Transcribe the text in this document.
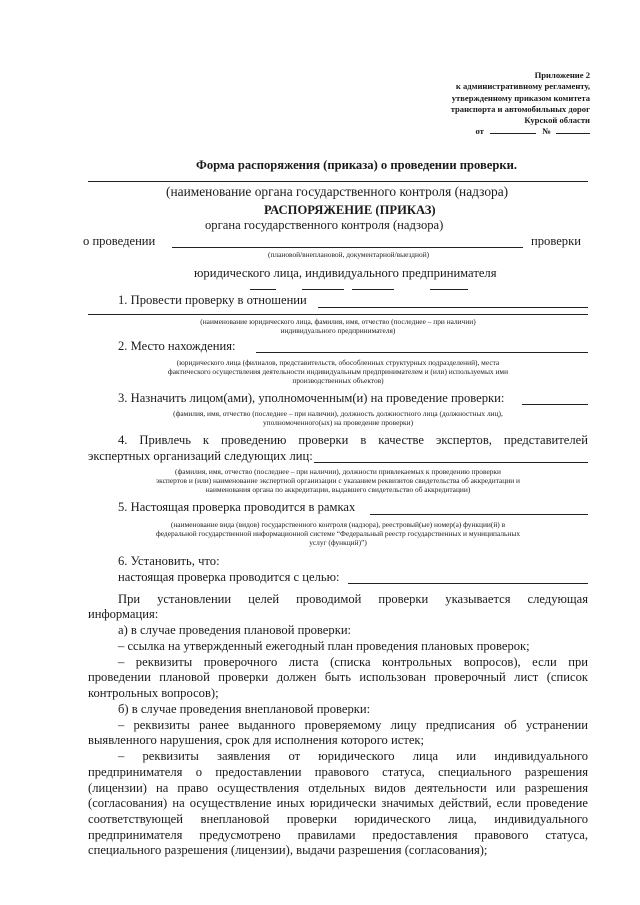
Приложение 2
к административному регламенту,
утвержденному приказом комитета
транспорта и автомобильных дорог
Курской области
от	№
Форма распоряжения (приказа) о проведении проверки.
(наименование органа государственного контроля (надзора)
РАСПОРЯЖЕНИЕ (ПРИКАЗ)
органа государственного контроля (надзора)
о проведении	проверки
(плановой/внеплановой, документарной/выездной)
юридического лица, индивидуального предпринимателя
1. Провести проверку в отношении
(наименование юридического лица, фамилия, имя, отчество (последнее – при наличии)
индивидуального предпринимателя)
2. Место нахождения:
(юридического лица (филиалов, представительств, обособленных структурных подразделений), места
фактического осуществления деятельности индивидуальным предпринимателем и (или) используемых ими
производственных объектов)
3. Назначить лицом(ами), уполномоченным(и) на проведение проверки:
(фамилия, имя, отчество (последнее – при наличии), должность должностного лица (должностных лиц),
уполномоченного(ых) на проведение проверки)
4. Привлечь к проведению проверки в качестве экспертов, представителей
экспертных организаций следующих лиц:
(фамилия, имя, отчество (последнее – при наличии), должности привлекаемых к проведению проверки
экспертов и (или) наименование экспертной организации с указанием реквизитов свидетельства об аккредитации и
наименования органа по аккредитации, выдавшего свидетельство об аккредитации)
5. Настоящая проверка проводится в рамках
(наименование вида (видов) государственного контроля (надзора), реестровый(ые) номер(а) функции(й) в
федеральной государственной информационной системе “Федеральный реестр государственных и муниципальных
услуг (функций)”)
6. Установить, что:
настоящая проверка проводится с целью:
При установлении целей проводимой проверки указывается следующая
информация:
а) в случае проведения плановой проверки:
– ссылка на утвержденный ежегодный план проведения плановых проверок;
– реквизиты проверочного листа (списка контрольных вопросов), если при
проведении плановой проверки должен быть использован проверочный лист (список
контрольных вопросов);
б) в случае проведения внеплановой проверки:
– реквизиты ранее выданного проверяемому лицу предписания об устранении
выявленного нарушения, срок для исполнения которого истек;
– реквизиты заявления от юридического лица или индивидуального
предпринимателя о предоставлении правового статуса, специального разрешения
(лицензии) на право осуществления отдельных видов деятельности или разрешения
(согласования) на осуществление иных юридически значимых действий, если проведение
соответствующей внеплановой проверки юридического лица, индивидуального
предпринимателя предусмотрено правилами предоставления правового статуса,
специального разрешения (лицензии), выдачи разрешения (согласования);
